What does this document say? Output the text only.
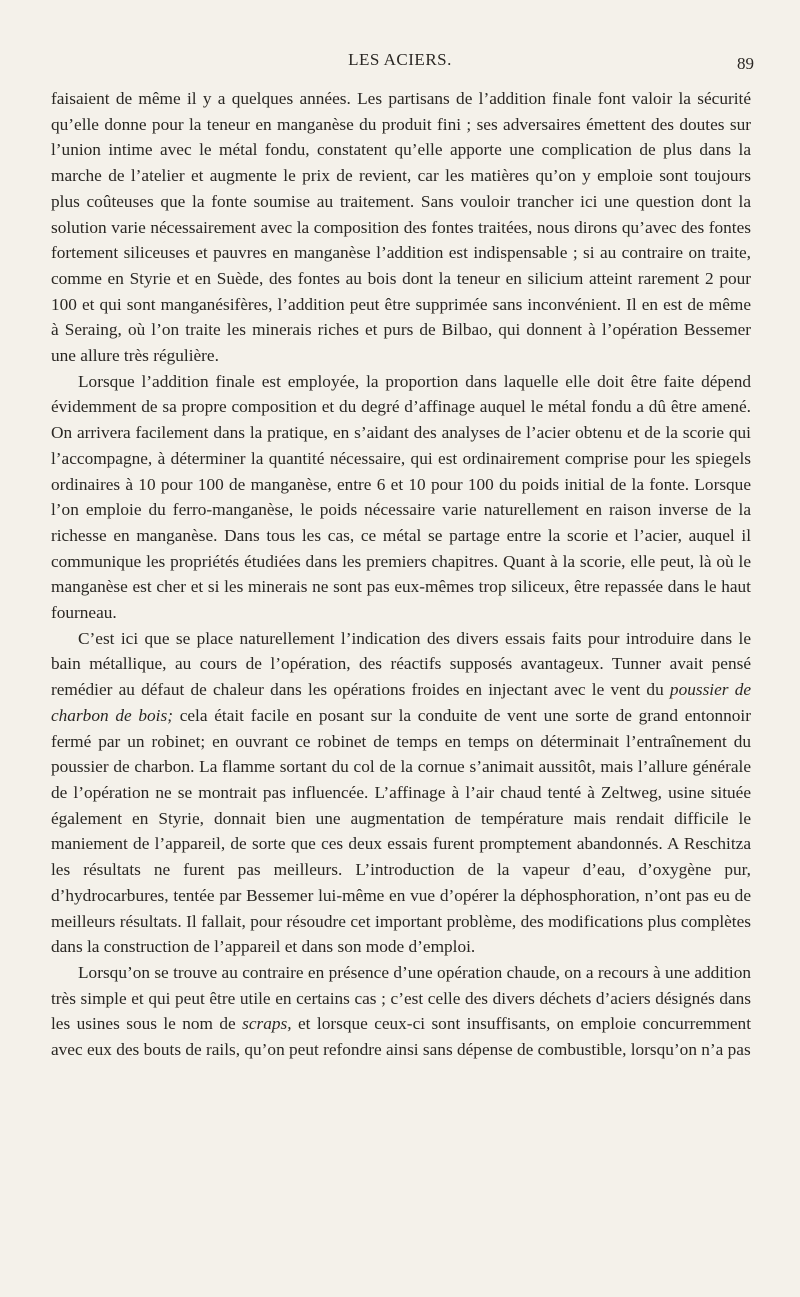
LES ACIERS.	89

faisaient de même il y a quelques années. Les partisans de l’addition finale font valoir la sécurité qu’elle donne pour la teneur en manganèse du produit fini ; ses adversaires émettent des doutes sur l’union intime avec le métal fondu, constatent qu’elle apporte une complication de plus dans la marche de l’atelier et augmente le prix de revient, car les matières qu’on y emploie sont toujours plus coûteuses que la fonte soumise au traitement. Sans vouloir trancher ici une question dont la solution varie nécessairement avec la composition des fontes traitées, nous dirons qu’avec des fontes fortement siliceuses et pauvres en manganèse l’addition est indispensable ; si au contraire on traite, comme en Styrie et en Suède, des fontes au bois dont la teneur en silicium atteint rarement 2 pour 100 et qui sont manganésifères, l’addition peut être supprimée sans inconvénient. Il en est de même à Seraing, où l’on traite les minerais riches et purs de Bilbao, qui donnent à l’opération Bessemer une allure très régulière.

Lorsque l’addition finale est employée, la proportion dans laquelle elle doit être faite dépend évidemment de sa propre composition et du degré d’affinage auquel le métal fondu a dû être amené. On arrivera facilement dans la pratique, en s’aidant des analyses de l’acier obtenu et de la scorie qui l’accompagne, à déterminer la quantité nécessaire, qui est ordinairement comprise pour les spiegels ordinaires à 10 pour 100 de manganèse, entre 6 et 10 pour 100 du poids initial de la fonte. Lorsque l’on emploie du ferro-manganèse, le poids nécessaire varie naturellement en raison inverse de la richesse en manganèse. Dans tous les cas, ce métal se partage entre la scorie et l’acier, auquel il communique les propriétés étudiées dans les premiers chapitres. Quant à la scorie, elle peut, là où le manganèse est cher et si les minerais ne sont pas eux-mêmes trop siliceux, être repassée dans le haut fourneau.

C’est ici que se place naturellement l’indication des divers essais faits pour introduire dans le bain métallique, au cours de l’opération, des réactifs supposés avantageux. Tunner avait pensé remédier au défaut de chaleur dans les opérations froides en injectant avec le vent du poussier de charbon de bois; cela était facile en posant sur la conduite de vent une sorte de grand entonnoir fermé par un robinet; en ouvrant ce robinet de temps en temps on déterminait l’entraînement du poussier de charbon. La flamme sortant du col de la cornue s’animait aussitôt, mais l’allure générale de l’opération ne se montrait pas influencée. L’affinage à l’air chaud tenté à Zeltweg, usine située également en Styrie, donnait bien une augmentation de température mais rendait difficile le maniement de l’appareil, de sorte que ces deux essais furent promptement abandonnés. A Reschitza les résultats ne furent pas meilleurs. L’introduction de la vapeur d’eau, d’oxygène pur, d’hydrocarbures, tentée par Bessemer lui-même en vue d’opérer la déphosphoration, n’ont pas eu de meilleurs résultats. Il fallait, pour résoudre cet important problème, des modifications plus complètes dans la construction de l’appareil et dans son mode d’emploi.

Lorsqu’on se trouve au contraire en présence d’une opération chaude, on a recours à une addition très simple et qui peut être utile en certains cas ; c’est celle des divers déchets d’aciers désignés dans les usines sous le nom de scraps, et lorsque ceux-ci sont insuffisants, on emploie concurremment avec eux des bouts de rails, qu’on peut refondre ainsi sans dépense de combustible, lorsqu’on n’a pas
